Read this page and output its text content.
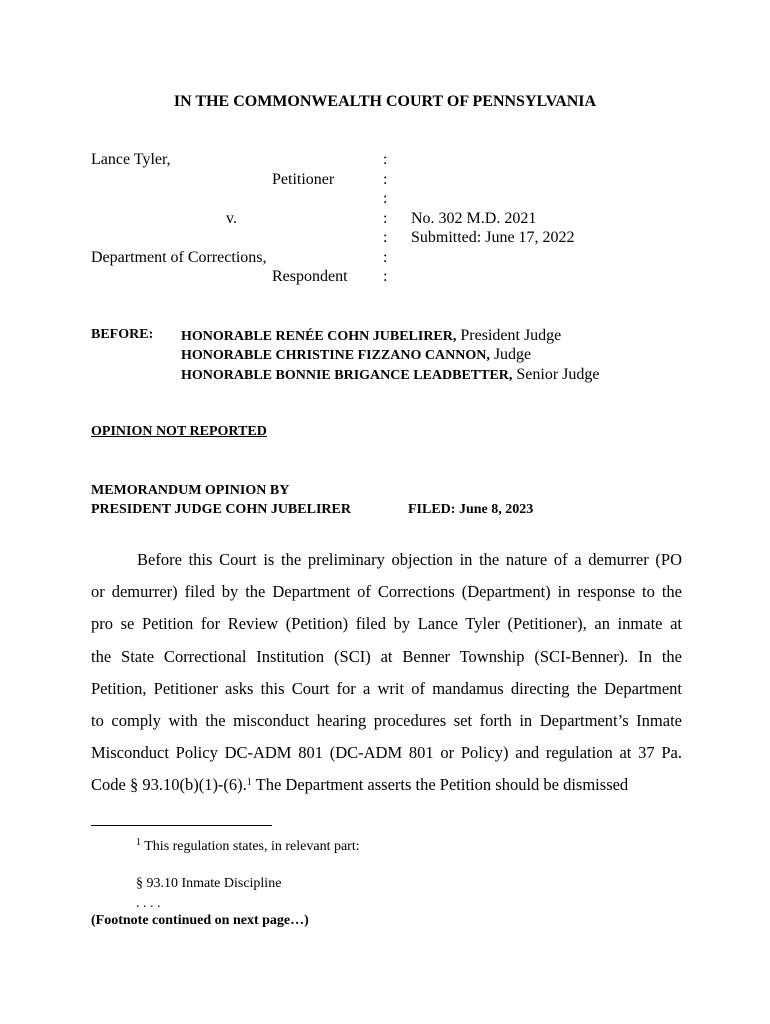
IN THE COMMONWEALTH COURT OF PENNSYLVANIA
Lance Tyler,
Petitioner
v.
Department of Corrections,
Respondent
:
:
:
:
:
:
:
No. 302 M.D. 2021
Submitted: June 17, 2022
BEFORE: HONORABLE RENÉE COHN JUBELIRER, President Judge
HONORABLE CHRISTINE FIZZANO CANNON, Judge
HONORABLE BONNIE BRIGANCE LEADBETTER, Senior Judge
OPINION NOT REPORTED
MEMORANDUM OPINION BY
PRESIDENT JUDGE COHN JUBELIRER	FILED: June 8, 2023
Before this Court is the preliminary objection in the nature of a demurrer (PO
or demurrer) filed by the Department of Corrections (Department) in response to the
pro se Petition for Review (Petition) filed by Lance Tyler (Petitioner), an inmate at
the State Correctional Institution (SCI) at Benner Township (SCI-Benner). In the
Petition, Petitioner asks this Court for a writ of mandamus directing the Department
to comply with the misconduct hearing procedures set forth in Department’s Inmate
Misconduct Policy DC-ADM 801 (DC-ADM 801 or Policy) and regulation at 37 Pa.
Code § 93.10(b)(1)-(6).$^1$ The Department asserts the Petition should be dismissed
$^1$ This regulation states, in relevant part:
§ 93.10 Inmate Discipline
. . . .
(Footnote continued on next page…)
